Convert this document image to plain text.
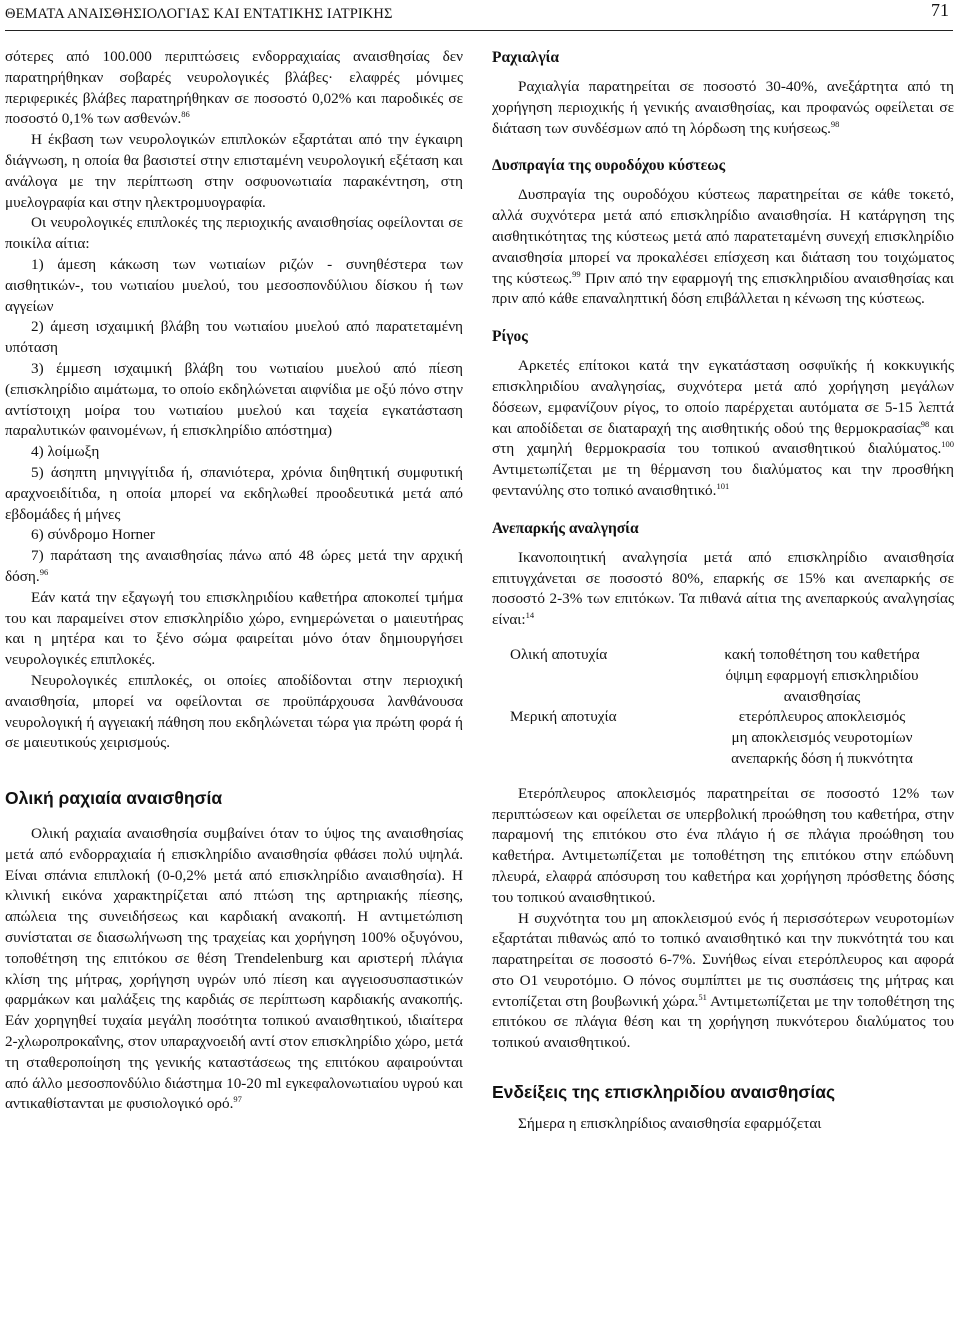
ΘΕΜΑΤΑ ΑΝΑΙΣΘΗΣΙΟΛΟΓΙΑΣ ΚΑΙ ΕΝΤΑΤΙΚΗΣ ΙΑΤΡΙΚΗΣ	71

σότερες από 100.000 περιπτώσεις ενδορραχιαίας αναισθησίας δεν παρατηρήθηκαν σοβαρές νευρολογικές βλάβες· ελαφρές μόνιμες περιφερικές βλάβες παρατηρήθηκαν σε ποσοστό 0,02% και παροδικές σε ποσοστό 0,1% των ασθενών.$^{86}$

Η έκβαση των νευρολογικών επιπλοκών εξαρτάται από την έγκαιρη διάγνωση, η οποία θα βασιστεί στην επισταμένη νευρολογική εξέταση και ανάλογα με την περίπτωση στην οσφυονωτιαία παρακέντηση, στη μυελογραφία και στην ηλεκτρομυογραφία.

Οι νευρολογικές επιπλοκές της περιοχικής αναισθησίας οφείλονται σε ποικίλα αίτια:

1) άμεση κάκωση των νωτιαίων ριζών - συνηθέστερα των αισθητικών-, του νωτιαίου μυελού, του μεσοσπονδύλιου δίσκου ή των αγγείων

2) άμεση ισχαιμική βλάβη του νωτιαίου μυελού από παρατεταμένη υπόταση

3) έμμεση ισχαιμική βλάβη του νωτιαίου μυελού από πίεση (επισκληρίδιο αιμάτωμα, το οποίο εκδηλώνεται αιφνίδια με οξύ πόνο στην αντίστοιχη μοίρα του νωτιαίου μυελού και ταχεία εγκατάσταση παραλυτικών φαινομένων, ή επισκληρίδιο απόστημα)

4) λοίμωξη

5) άσηπτη μηνιγγίτιδα ή, σπανιότερα, χρόνια διηθητική συμφυτική αραχνοειδίτιδα, η οποία μπορεί να εκδηλωθεί προοδευτικά μετά από εβδομάδες ή μήνες

6) σύνδρομο Horner

7) παράταση της αναισθησίας πάνω από 48 ώρες μετά την αρχική δόση.$^{96}$

Εάν κατά την εξαγωγή του επισκληριδίου καθετήρα αποκοπεί τμήμα του και παραμείνει στον επισκληρίδιο χώρο, ενημερώνεται ο μαιευτήρας και η μητέρα και το ξένο σώμα φαιρείται μόνο όταν δημιουργήσει νευρολογικές επιπλοκές.

Νευρολογικές επιπλοκές, οι οποίες αποδίδονται στην περιοχική αναισθησία, μπορεί να οφείλονται σε προϋπάρχουσα λανθάνουσα νευρολογική ή αγγειακή πάθηση που εκδηλώνεται τώρα για πρώτη φορά ή σε μαιευτικούς χειρισμούς.

Ολική ραχιαία αναισθησία

Ολική ραχιαία αναισθησία συμβαίνει όταν το ύψος της αναισθησίας μετά από ενδορραχιαία ή επισκληρίδιο αναισθησία φθάσει πολύ υψηλά. Είναι σπάνια επιπλοκή (0-0,2% μετά από επισκληρίδιο αναισθησία). Η κλινική εικόνα χαρακτηρίζεται από πτώση της αρτηριακής πίεσης, απώλεια της συνειδήσεως και καρδιακή ανακοπή. Η αντιμετώπιση συνίσταται σε διασωλήνωση της τραχείας και χορήγηση 100% οξυγόνου, τοποθέτηση της επιτόκου σε θέση Trendelenburg και αριστερή πλάγια κλίση της μήτρας, χορήγηση υγρών υπό πίεση και αγγειοσυσπαστικών φαρμάκων και μαλάξεις της καρδιάς σε περίπτωση καρδιακής ανακοπής. Εάν χορηγηθεί τυχαία μεγάλη ποσότητα τοπικού αναισθητικού, ιδιαίτερα 2-χλωροπροκαΐνης, στον υπαραχνοειδή αντί στον επισκληρίδιο χώρο, μετά τη σταθεροποίηση της γενικής καταστάσεως της επιτόκου αφαιρούνται από άλλο μεσοσπονδύλιο διάστημα 10-20 ml εγκεφαλονωτιαίου υγρού και αντικαθίστανται με φυσιολογικό ορό.$^{97}$

Ραχιαλγία

Ραχιαλγία παρατηρείται σε ποσοστό 30-40%, ανεξάρτητα από τη χορήγηση περιοχικής ή γενικής αναισθησίας, και προφανώς οφείλεται σε διάταση των συνδέσμων από τη λόρδωση της κυήσεως.$^{98}$

Δυσπραγία της ουροδόχου κύστεως

Δυσπραγία της ουροδόχου κύστεως παρατηρείται σε κάθε τοκετό, αλλά συχνότερα μετά από επισκληρίδιο αναισθησία. Η κατάργηση της αισθητικότητας της κύστεως μετά από παρατεταμένη συνεχή επισκληρίδιο αναισθησία μπορεί να προκαλέσει επίσχεση και διάταση του τοιχώματος της κύστεως.$^{99}$ Πριν από την εφαρμογή της επισκληριδίου αναισθησίας και πριν από κάθε επαναληπτική δόση επιβάλλεται η κένωση της κύστεως.

Ρίγος

Αρκετές επίτοκοι κατά την εγκατάσταση οσφυϊκής ή κοκκυγικής επισκληριδίου αναλγησίας, συχνότερα μετά από χορήγηση μεγάλων δόσεων, εμφανίζουν ρίγος, το οποίο παρέρχεται αυτόματα σε 5-15 λεπτά και αποδίδεται σε διαταραχή της αισθητικής οδού της θερμοκρασίας$^{98}$ και στη χαμηλή θερμοκρασία του τοπικού αναισθητικού διαλύματος.$^{100}$ Αντιμετωπίζεται με τη θέρμανση του διαλύματος και την προσθήκη φεντανύλης στο τοπικό αναισθητικό.$^{101}$

Ανεπαρκής αναλγησία

Ικανοποιητική αναλγησία μετά από επισκληρίδιο αναισθησία επιτυγχάνεται σε ποσοστό 80%, επαρκής σε 15% και ανεπαρκής σε ποσοστό 2-3% των επιτόκων. Τα πιθανά αίτια της ανεπαρκούς αναλγησίας είναι:$^{14}$

Ολική αποτυχία	κακή τοποθέτηση του καθετήρα
όψιμη εφαρμογή επισκληριδίου
αναισθησίας

Μερική αποτυχία	ετερόπλευρος αποκλεισμός
μη αποκλεισμός νευροτομίων
ανεπαρκής δόση ή πυκνότητα

Ετερόπλευρος αποκλεισμός παρατηρείται σε ποσοστό 12% των περιπτώσεων και οφείλεται σε υπερβολική προώθηση του καθετήρα, στην παραμονή της επιτόκου στο ένα πλάγιο ή σε πλάγια προώθηση του καθετήρα. Αντιμετωπίζεται με τοποθέτηση της επιτόκου στην επώδυνη πλευρά, ελαφρά απόσυρση του καθετήρα και χορήγηση πρόσθετης δόσης του τοπικού αναισθητικού.

Η συχνότητα του μη αποκλεισμού ενός ή περισσότερων νευροτομίων εξαρτάται πιθανώς από το τοπικό αναισθητικό και την πυκνότητά του και παρατηρείται σε ποσοστό 6-7%. Συνήθως είναι ετερόπλευρος και αφορά στο Ο1 νευροτόμιο. Ο πόνος συμπίπτει με τις συσπάσεις της μήτρας και εντοπίζεται στη βουβωνική χώρα.$^{51}$ Αντιμετωπίζεται με την τοποθέτηση της επιτόκου σε πλάγια θέση και τη χορήγηση πυκνότερου διαλύματος του τοπικού αναισθητικού.

Ενδείξεις της επισκληριδίου αναισθησίας

Σήμερα η επισκληρίδιος αναισθησία εφαρμόζεται
